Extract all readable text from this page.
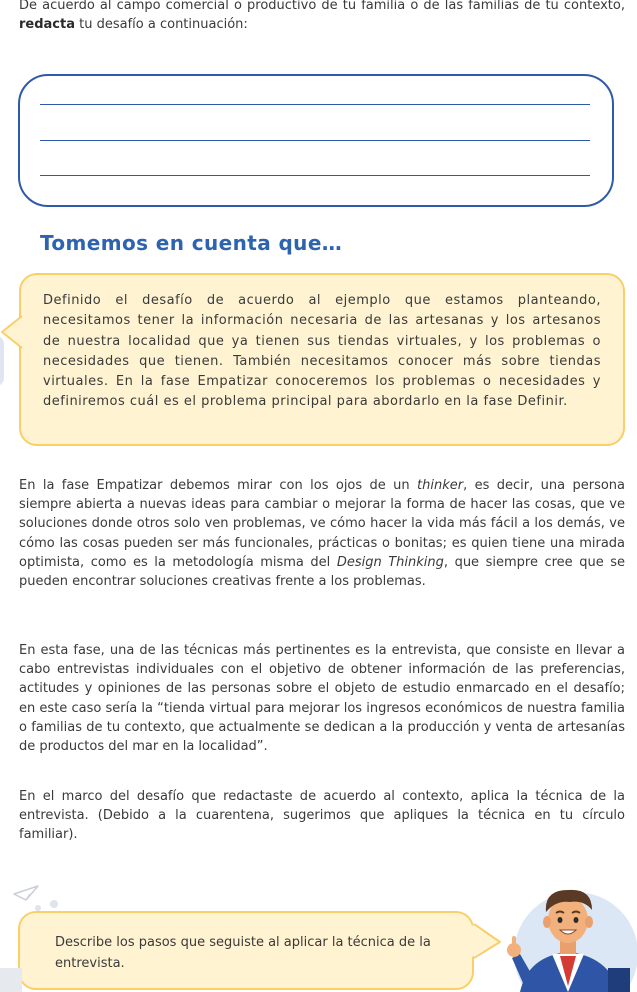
De acuerdo al campo comercial o productivo de tu familia o de las familias de tu contexto, redacta tu desafío a continuación:

Tomemos en cuenta que…

Definido el desafío de acuerdo al ejemplo que estamos planteando, necesitamos tener la información necesaria de las artesanas y los artesanos de nuestra localidad que ya tienen sus tiendas virtuales, y los problemas o necesidades que tienen. También necesitamos conocer más sobre tiendas virtuales. En la fase Empatizar conoceremos los problemas o necesidades y definiremos cuál es el problema principal para abordarlo en la fase Definir.

En la fase Empatizar debemos mirar con los ojos de un thinker, es decir, una persona siempre abierta a nuevas ideas para cambiar o mejorar la forma de hacer las cosas, que ve soluciones donde otros solo ven problemas, ve cómo hacer la vida más fácil a los demás, ve cómo las cosas pueden ser más funcionales, prácticas o bonitas; es quien tiene una mirada optimista, como es la metodología misma del Design Thinking, que siempre cree que se pueden encontrar soluciones creativas frente a los problemas.

En esta fase, una de las técnicas más pertinentes es la entrevista, que consiste en llevar a cabo entrevistas individuales con el objetivo de obtener información de las preferencias, actitudes y opiniones de las personas sobre el objeto de estudio enmarcado en el desafío; en este caso sería la “tienda virtual para mejorar los ingresos económicos de nuestra familia o familias de tu contexto, que actualmente se dedican a la producción y venta de artesanías de productos del mar en la localidad”.

En el marco del desafío que redactaste de acuerdo al contexto, aplica la técnica de la entrevista. (Debido a la cuarentena, sugerimos que apliques la técnica en tu círculo familiar).

Describe los pasos que seguiste al aplicar la técnica de la entrevista.
